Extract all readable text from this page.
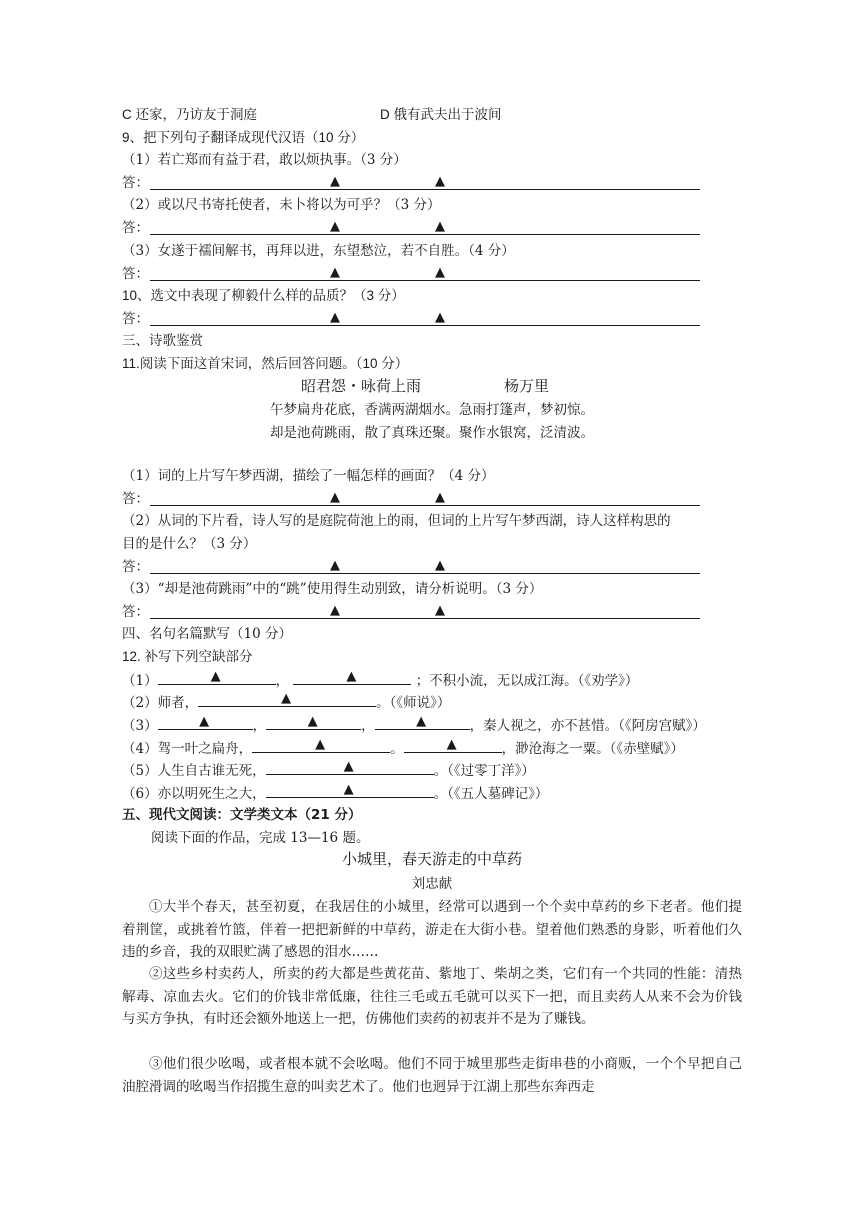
C 还家，乃访友于洞庭	D 俄有武夫出于波间
9、把下列句子翻译成现代汉语（10 分）
（1）若亡郑而有益于君，敢以烦执事。（3 分）
答：	▲	▲
（2）或以尺书寄托使者，未卜将以为可乎？（3 分）
答：	▲	▲
（3）女遂于襦间解书，再拜以进，东望愁泣，若不自胜。（4 分）
答：	▲	▲
10、选文中表现了柳毅什么样的品质？（3 分）
答：	▲	▲
三、诗歌鉴赏
11.阅读下面这首宋词，然后回答问题。（10 分）
昭君怨・咏荷上雨	杨万里
午梦扁舟花底，香满两湖烟水。急雨打篷声，梦初惊。
却是池荷跳雨，散了真珠还聚。聚作水银窝，泛清波。
（1）词的上片写午梦西湖，描绘了一幅怎样的画面？（4 分）
答：	▲	▲
（2）从词的下片看，诗人写的是庭院荷池上的雨，但词的上片写午梦西湖，诗人这样构思的
目的是什么？（3 分）
答：	▲	▲
（3）“却是池荷跳雨”中的“跳”使用得生动别致，请分析说明。（3 分）
答：	▲	▲
四、名句名篇默写（10 分）
12. 补写下列空缺部分
（1）	▲	，	▲	；不积小流，无以成江海。（《劝学》）
（2）师者，	▲	。（《师说》）
（3）	▲	，	▲	，	▲	，秦人视之，亦不甚惜。（《阿房宫赋》）
（4）驾一叶之扁舟，	▲	。	▲	，渺沧海之一粟。（《赤壁赋》）
（5）人生自古谁无死，	▲	。（《过零丁洋》）
（6）亦以明死生之大，	▲	。（《五人墓碑记》）
五、现代文阅读：文学类文本（21 分）
阅读下面的作品，完成 13—16 题。
小城里，春天游走的中草药
刘忠献
①大半个春天，甚至初夏，在我居住的小城里，经常可以遇到一个个卖中草药的乡下老者。他们提着荆筐，或挑着竹篮，伴着一把把新鲜的中草药，游走在大街小巷。望着他们熟悉的身影，听着他们久违的乡音，我的双眼贮满了感恩的泪水……
②这些乡村卖药人，所卖的药大都是些黄花苗、紫地丁、柴胡之类，它们有一个共同的性能：清热解毒、凉血去火。它们的价钱非常低廉，往往三毛或五毛就可以买下一把，而且卖药人从来不会为价钱与买方争执，有时还会额外地送上一把，仿佛他们卖药的初衷并不是为了赚钱。
③他们很少吆喝，或者根本就不会吆喝。他们不同于城里那些走街串巷的小商贩，一个个早把自己油腔滑调的吆喝当作招揽生意的叫卖艺术了。他们也迥异于江湖上那些东奔西走
